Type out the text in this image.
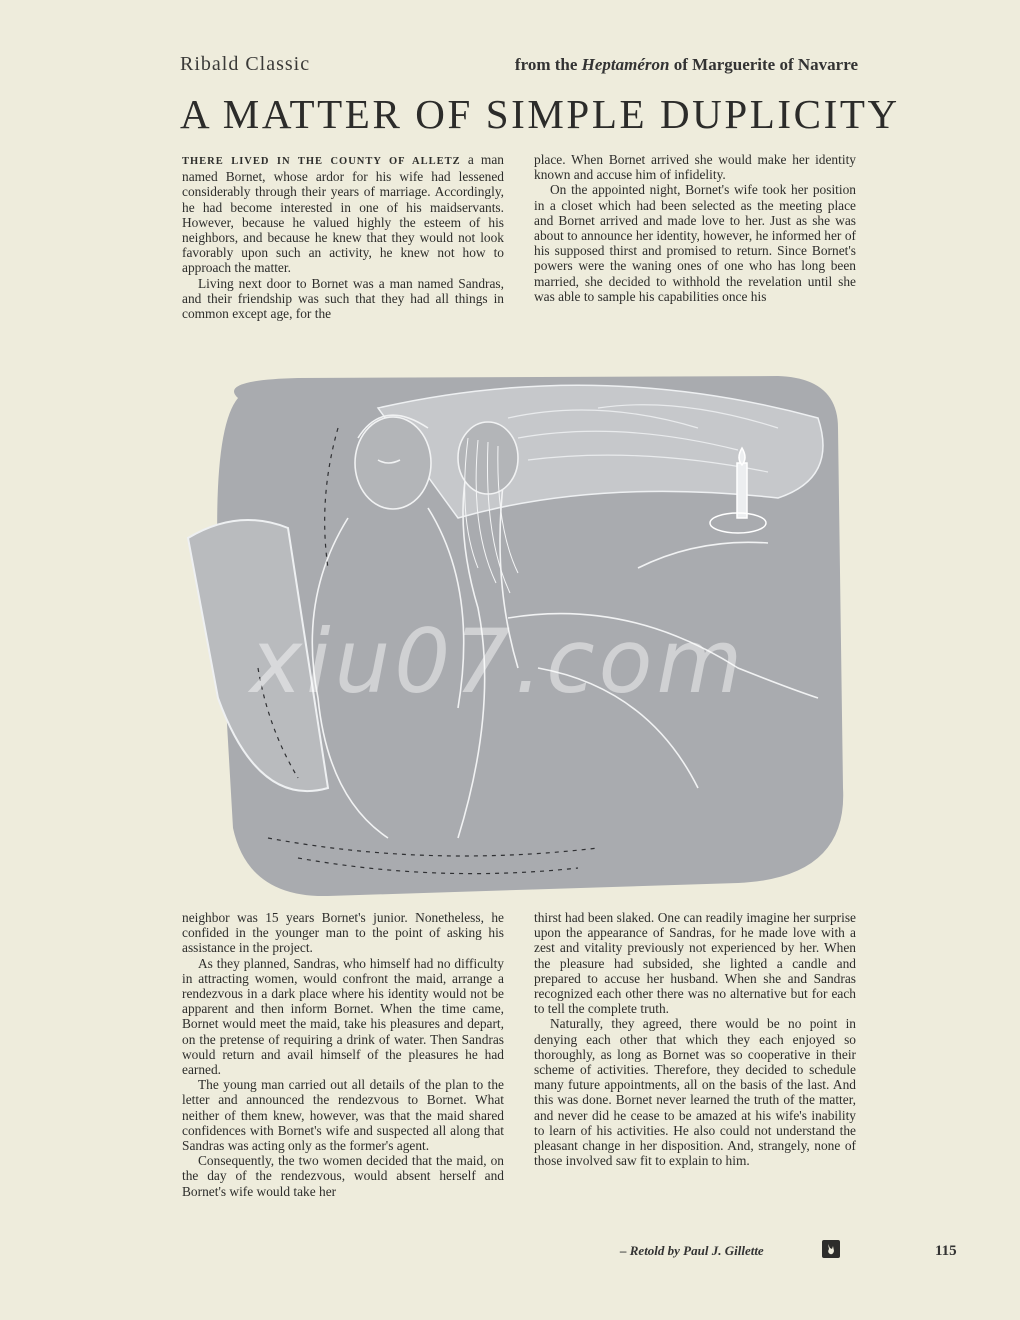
Ribald Classic	from the Heptaméron of Marguerite of Navarre
A MATTER OF SIMPLE DUPLICITY

THERE LIVED IN THE COUNTY OF ALLETZ a man named Bornet, whose ardor for his wife had lessened considerably through their years of marriage. Accordingly, he had become interested in one of his maidservants. However, because he valued highly the esteem of his neighbors, and because he knew that they would not look favorably upon such an activity, he knew not how to approach the matter.

Living next door to Bornet was a man named Sandras, and their friendship was such that they had all things in common except age, for the

place. When Bornet arrived she would make her identity known and accuse him of infidelity.

On the appointed night, Bornet's wife took her position in a closet which had been selected as the meeting place and Bornet arrived and made love to her. Just as she was about to announce her identity, however, he informed her of his supposed thirst and promised to return. Since Bornet's powers were the waning ones of one who has long been married, she decided to withhold the revelation until she was able to sample his capabilities once his

xiu07.com

neighbor was 15 years Bornet's junior. Nonetheless, he confided in the younger man to the point of asking his assistance in the project.

As they planned, Sandras, who himself had no difficulty in attracting women, would confront the maid, arrange a rendezvous in a dark place where his identity would not be apparent and then inform Bornet. When the time came, Bornet would meet the maid, take his pleasures and depart, on the pretense of requiring a drink of water. Then Sandras would return and avail himself of the pleasures he had earned.

The young man carried out all details of the plan to the letter and announced the rendezvous to Bornet. What neither of them knew, however, was that the maid shared confidences with Bornet's wife and suspected all along that Sandras was acting only as the former's agent.

Consequently, the two women decided that the maid, on the day of the rendezvous, would absent herself and Bornet's wife would take her

thirst had been slaked. One can readily imagine her surprise upon the appearance of Sandras, for he made love with a zest and vitality previously not experienced by her. When the pleasure had subsided, she lighted a candle and prepared to accuse her husband. When she and Sandras recognized each other there was no alternative but for each to tell the complete truth.

Naturally, they agreed, there would be no point in denying each other that which they each enjoyed so thoroughly, as long as Bornet was so cooperative in their scheme of activities. Therefore, they decided to schedule many future appointments, all on the basis of the last. And this was done. Bornet never learned the truth of the matter, and never did he cease to be amazed at his wife's inability to learn of his activities. He also could not understand the pleasant change in her disposition. And, strangely, none of those involved saw fit to explain to him.

– Retold by Paul J. Gillette	115
